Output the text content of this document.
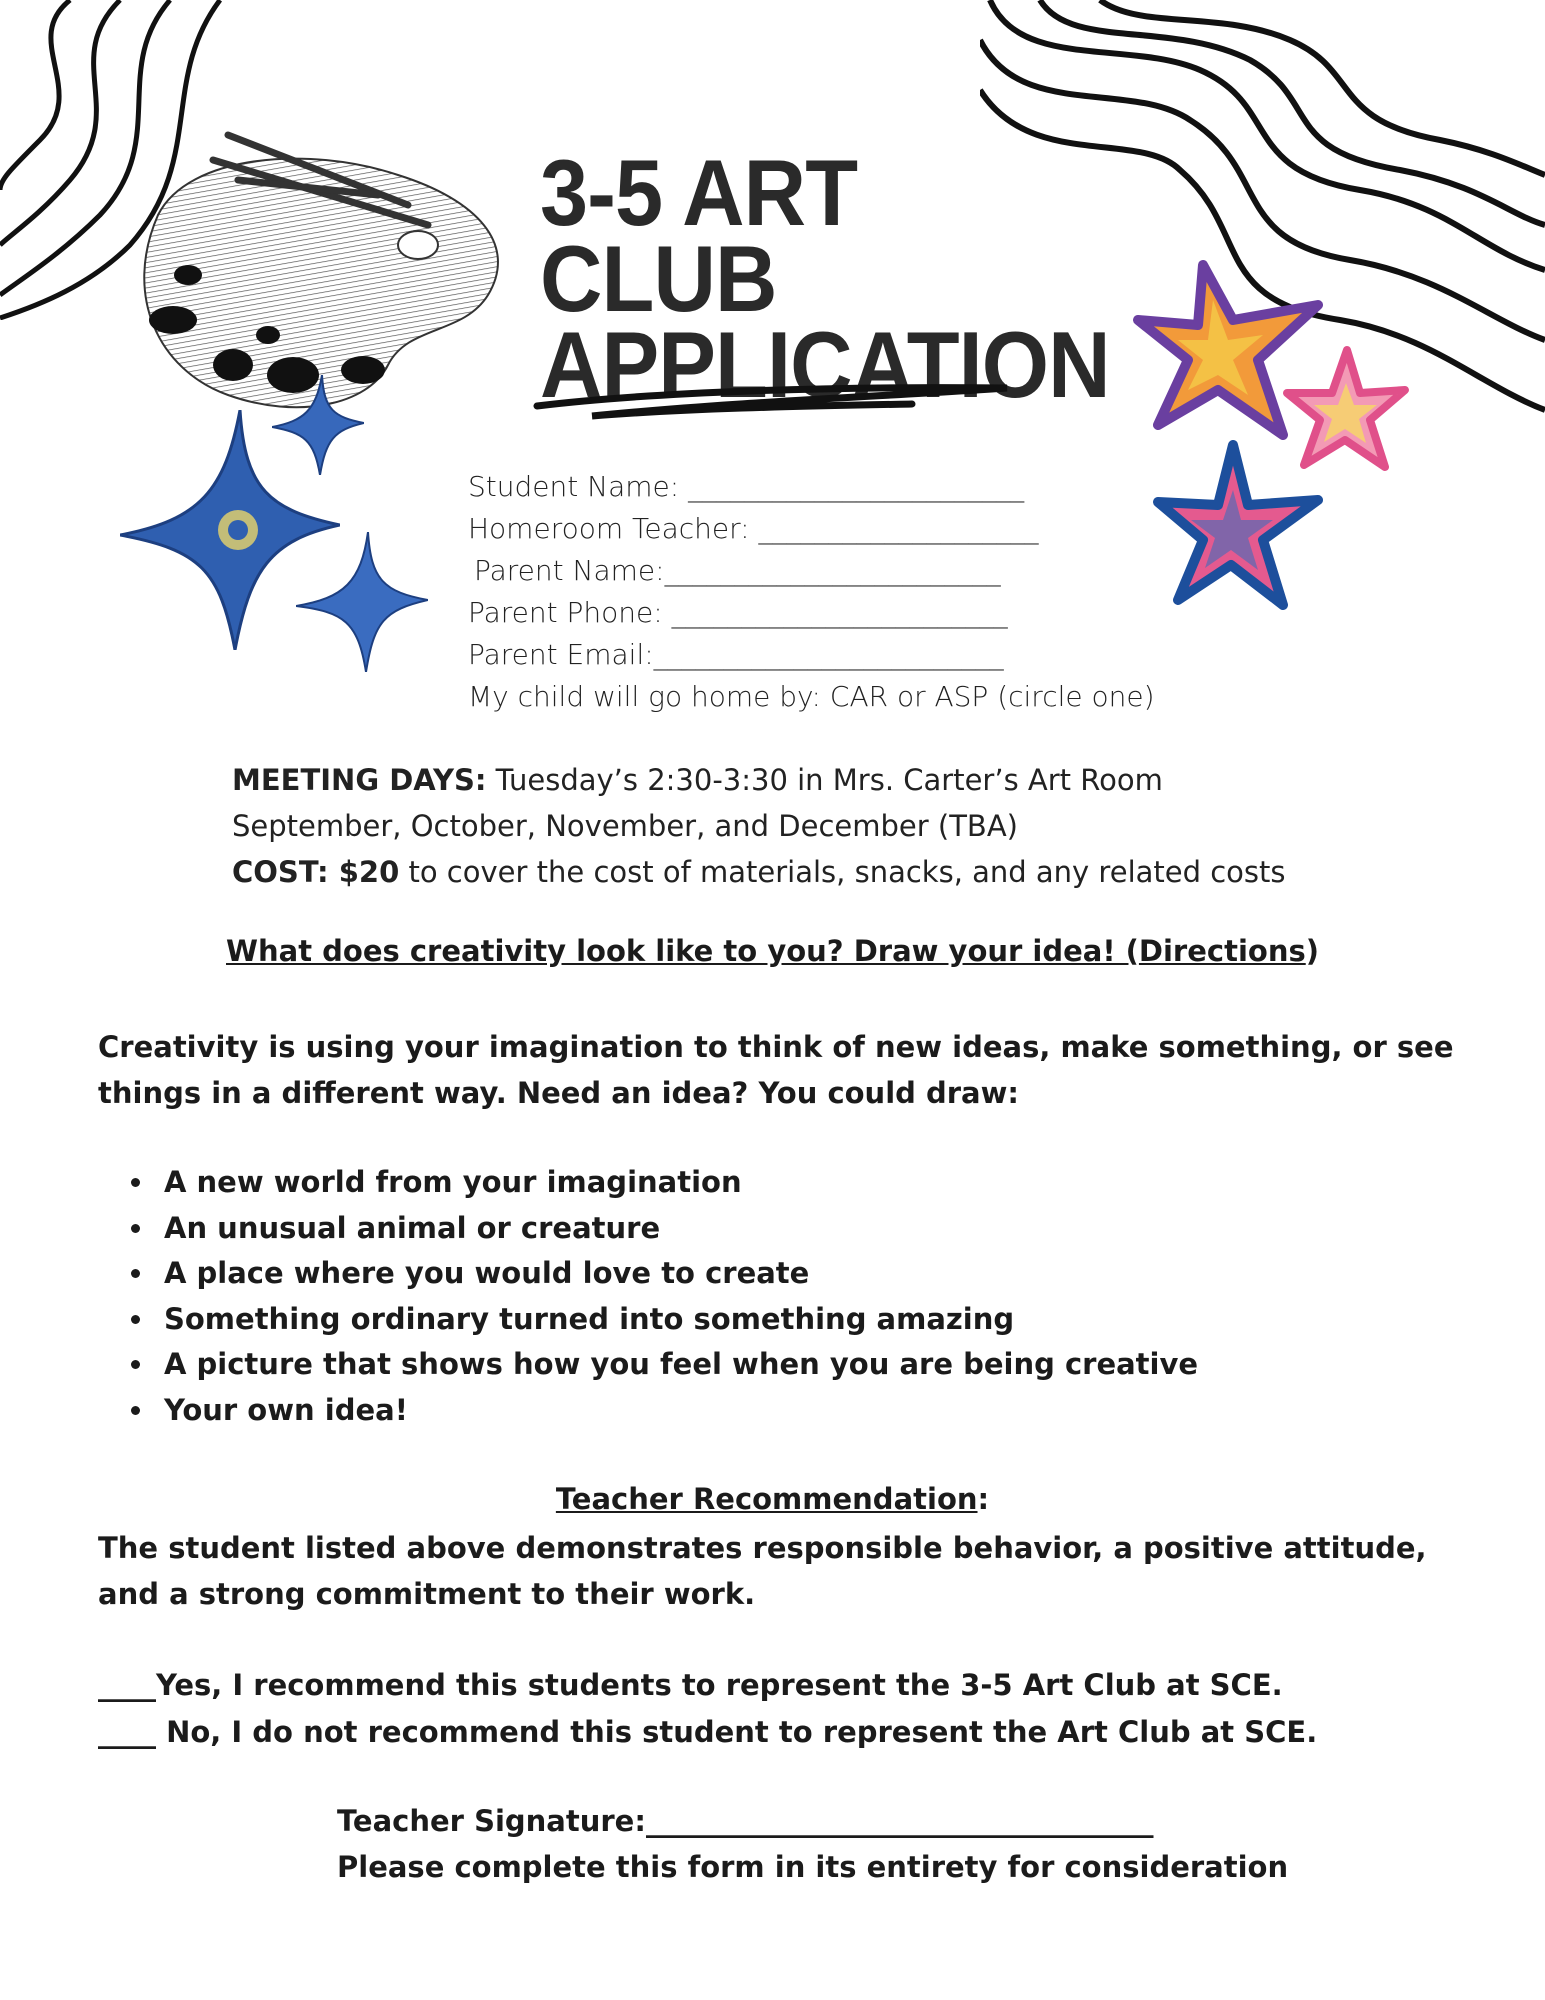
3-5 ART CLUB
APPLICATION
Student Name: ________________________
Homeroom Teacher: ____________________
Parent Name:________________________
Parent Phone: ________________________
Parent Email:_________________________
My child will go home by: CAR or ASP (circle one)
MEETING DAYS: Tuesday’s 2:30-3:30 in Mrs. Carter’s Art Room
September, October, November, and December (TBA)
COST: $20 to cover the cost of materials, snacks, and any related costs
What does creativity look like to you? Draw your idea! (Directions)
Creativity is using your imagination to think of new ideas, make something, or see things in a different way. Need an idea? You could draw:
• A new world from your imagination
• An unusual animal or creature
• A place where you would love to create
• Something ordinary turned into something amazing
• A picture that shows how you feel when you are being creative
• Your own idea!
Teacher Recommendation:
The student listed above demonstrates responsible behavior, a positive attitude, and a strong commitment to their work.
____Yes, I recommend this students to represent the 3-5 Art Club at SCE.
____ No, I do not recommend this student to represent the Art Club at SCE.
Teacher Signature:___________________________________
Please complete this form in its entirety for consideration
